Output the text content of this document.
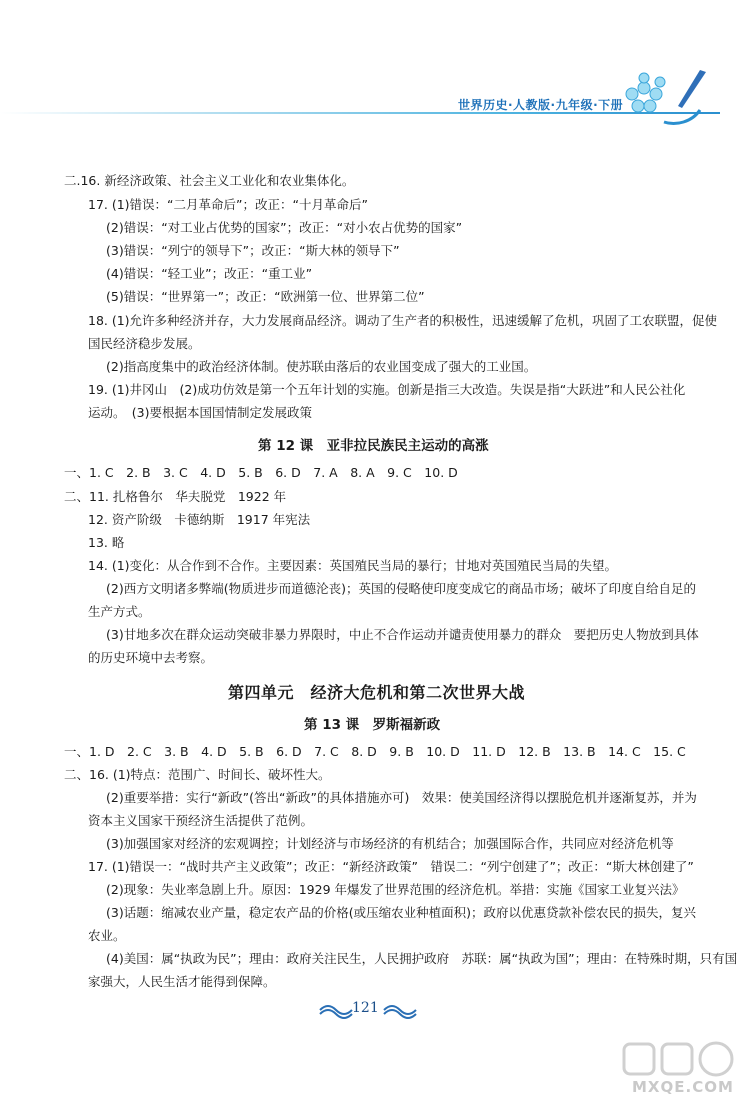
世界历史·人教版·九年级·下册
二.16. 新经济政策、社会主义工业化和农业集体化。
17. (1)错误：“二月革命后”；改正：“十月革命后”
(2)错误：“对工业占优势的国家”；改正：“对小农占优势的国家”
(3)错误：“列宁的领导下”；改正：“斯大林的领导下”
(4)错误：“轻工业”；改正：“重工业”
(5)错误：“世界第一”；改正：“欧洲第一位、世界第二位”
18. (1)允许多种经济并存，大力发展商品经济。调动了生产者的积极性，迅速缓解了危机，巩固了工农联盟，促使
国民经济稳步发展。
(2)指高度集中的政治经济体制。使苏联由落后的农业国变成了强大的工业国。
19. (1)井冈山　(2)成功仿效是第一个五年计划的实施。创新是指三大改造。失误是指“大跃进”和人民公社化
运动。　(3)要根据本国国情制定发展政策
第 12 课　亚非拉民族民主运动的高涨
一、1. C　2. B　3. C　4. D　5. B　6. D　7. A　8. A　9. C　10. D
二、11. 扎格鲁尔　华夫脱党　1922 年
12. 资产阶级　卡德纳斯　1917 年宪法
13. 略
14. (1)变化：从合作到不合作。主要因素：英国殖民当局的暴行；甘地对英国殖民当局的失望。
(2)西方文明诸多弊端(物质进步而道德沦丧)；英国的侵略使印度变成它的商品市场；破坏了印度自给自足的
生产方式。
(3)甘地多次在群众运动突破非暴力界限时，中止不合作运动并谴责使用暴力的群众　要把历史人物放到具体
的历史环境中去考察。
第四单元　经济大危机和第二次世界大战
第 13 课　罗斯福新政
一、1. D　2. C　3. B　4. D　5. B　6. D　7. C　8. D　9. B　10. D　11. D　12. B　13. B　14. C　15. C
二、16. (1)特点：范围广、时间长、破坏性大。
(2)重要举措：实行“新政”(答出“新政”的具体措施亦可)　效果：使美国经济得以摆脱危机并逐渐复苏，并为
资本主义国家干预经济生活提供了范例。
(3)加强国家对经济的宏观调控；计划经济与市场经济的有机结合；加强国际合作，共同应对经济危机等
17. (1)错误一：“战时共产主义政策”；改正：“新经济政策”　错误二：“列宁创建了”；改正：“斯大林创建了”
(2)现象：失业率急剧上升。原因：1929 年爆发了世界范围的经济危机。举措：实施《国家工业复兴法》
(3)话题：缩减农业产量，稳定农产品的价格(或压缩农业种植面积)；政府以优惠贷款补偿农民的损失，复兴
农业。
(4)美国：属“执政为民”；理由：政府关注民生，人民拥护政府　苏联：属“执政为国”；理由：在特殊时期，只有国
家强大，人民生活才能得到保障。
121
MXQE.COM
